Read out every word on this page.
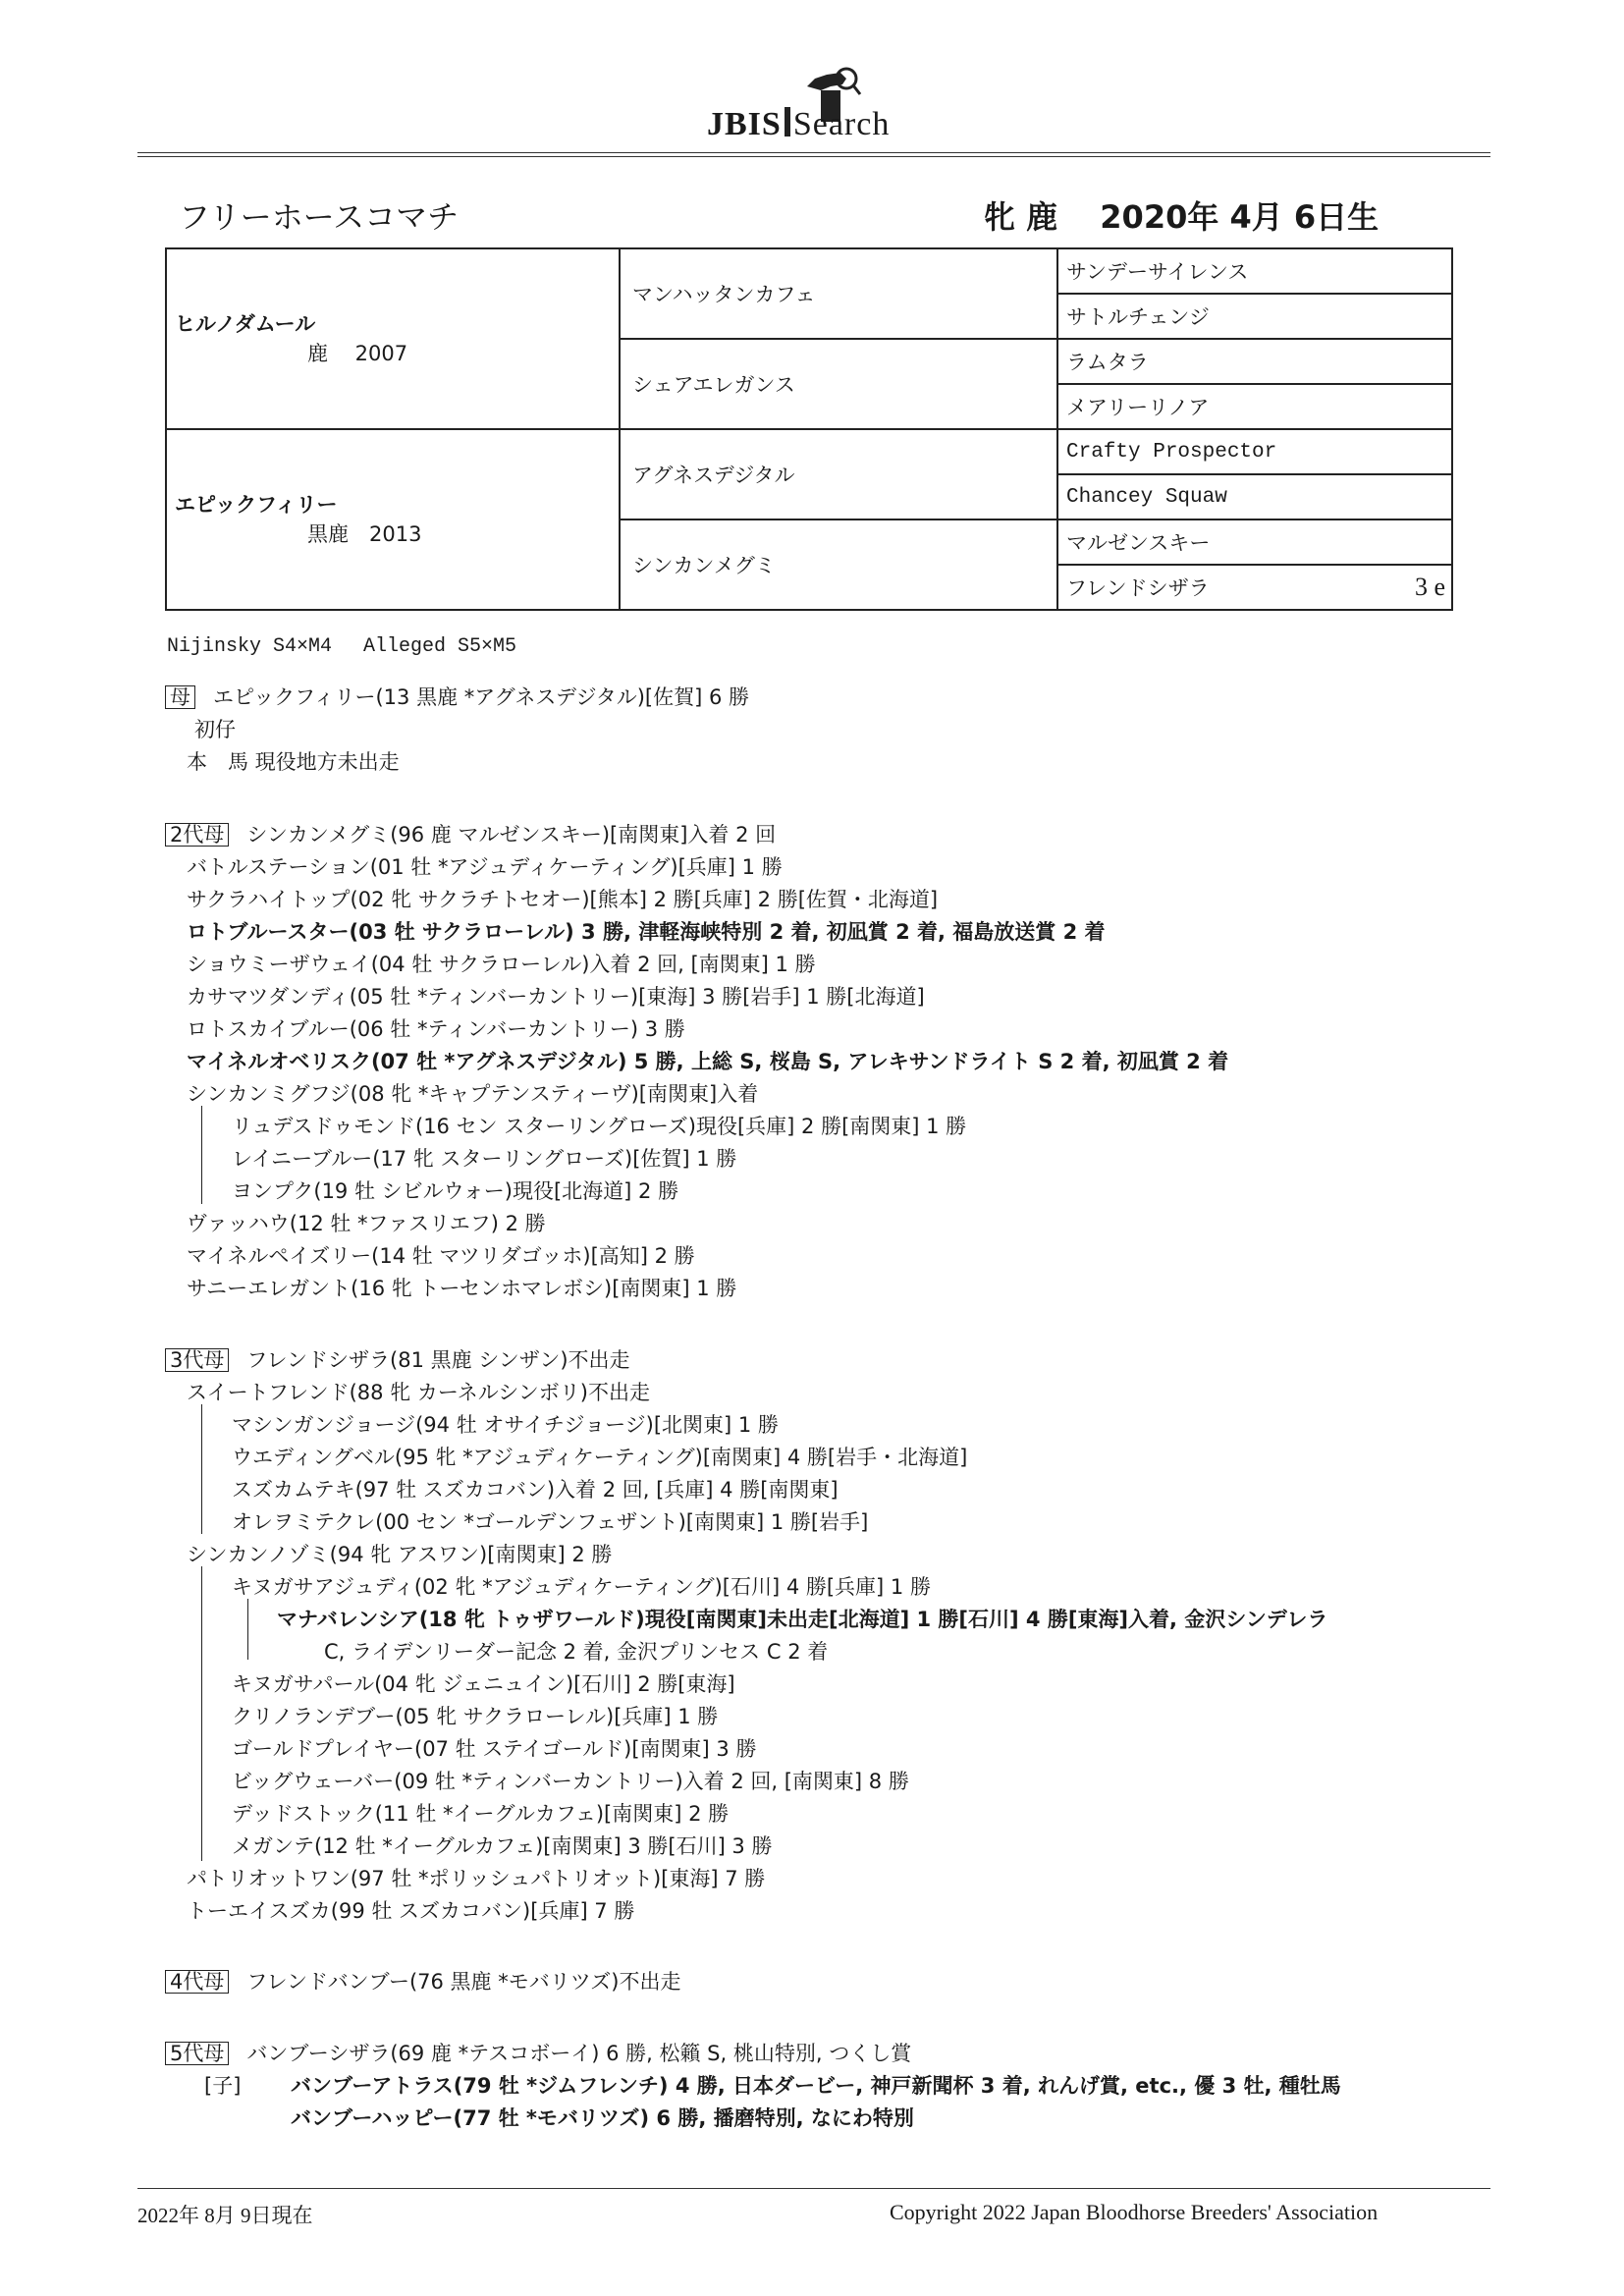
JBIS Search
フリーホースコマチ	牝 鹿　 2020年 4月 6日生
ヒルノダムール
鹿　 2007	マンハッタンカフェ	サンデーサイレンス
		サトルチェンジ
	シェアエレガンス	ラムタラ
		メアリーリノア
エピックフィリー
黒鹿　2013	アグネスデジタル	Crafty Prospector
		Chancey Squaw
	シンカンメグミ	マルゼンスキー
		フレンドシザラ 3 e
Nijinsky S4×M4　 Alleged S5×M5
母 エピックフィリー(13 黒鹿 *アグネスデジタル)[佐賀] 6 勝
初仔
本　馬 現役地方未出走
2代母 シンカンメグミ(96 鹿 マルゼンスキー)[南関東]入着 2 回
バトルステーション(01 牡 *アジュディケーティング)[兵庫] 1 勝
サクラハイトップ(02 牝 サクラチトセオー)[熊本] 2 勝[兵庫] 2 勝[佐賀・北海道]
ロトブルースター(03 牡 サクラローレル) 3 勝, 津軽海峡特別 2 着, 初凪賞 2 着, 福島放送賞 2 着
ショウミーザウェイ(04 牡 サクラローレル)入着 2 回, [南関東] 1 勝
カサマツダンディ(05 牡 *ティンバーカントリー)[東海] 3 勝[岩手] 1 勝[北海道]
ロトスカイブルー(06 牡 *ティンバーカントリー) 3 勝
マイネルオベリスク(07 牡 *アグネスデジタル) 5 勝, 上総 S, 桜島 S, アレキサンドライト S 2 着, 初凪賞 2 着
シンカンミグフジ(08 牝 *キャプテンスティーヴ)[南関東]入着
リュデスドゥモンド(16 セン スターリングローズ)現役[兵庫] 2 勝[南関東] 1 勝
レイニーブルー(17 牝 スターリングローズ)[佐賀] 1 勝
ヨンプク(19 牡 シビルウォー)現役[北海道] 2 勝
ヴァッハウ(12 牡 *ファスリエフ) 2 勝
マイネルペイズリー(14 牡 マツリダゴッホ)[高知] 2 勝
サニーエレガント(16 牝 トーセンホマレボシ)[南関東] 1 勝
3代母 フレンドシザラ(81 黒鹿 シンザン)不出走
スイートフレンド(88 牝 カーネルシンボリ)不出走
マシンガンジョージ(94 牡 オサイチジョージ)[北関東] 1 勝
ウエディングベル(95 牝 *アジュディケーティング)[南関東] 4 勝[岩手・北海道]
スズカムテキ(97 牡 スズカコバン)入着 2 回, [兵庫] 4 勝[南関東]
オレヲミテクレ(00 セン *ゴールデンフェザント)[南関東] 1 勝[岩手]
シンカンノゾミ(94 牝 アスワン)[南関東] 2 勝
キヌガサアジュディ(02 牝 *アジュディケーティング)[石川] 4 勝[兵庫] 1 勝
マナバレンシア(18 牝 トゥザワールド)現役[南関東]未出走[北海道] 1 勝[石川] 4 勝[東海]入着, 金沢シンデレラ
C, ライデンリーダー記念 2 着, 金沢プリンセス C 2 着
キヌガサパール(04 牝 ジェニュイン)[石川] 2 勝[東海]
クリノランデブー(05 牝 サクラローレル)[兵庫] 1 勝
ゴールドプレイヤー(07 牡 ステイゴールド)[南関東] 3 勝
ビッグウェーバー(09 牡 *ティンバーカントリー)入着 2 回, [南関東] 8 勝
デッドストック(11 牡 *イーグルカフェ)[南関東] 2 勝
メガンテ(12 牡 *イーグルカフェ)[南関東] 3 勝[石川] 3 勝
パトリオットワン(97 牡 *ポリッシュパトリオット)[東海] 7 勝
トーエイスズカ(99 牡 スズカコバン)[兵庫] 7 勝
4代母 フレンドバンブー(76 黒鹿 *モバリツズ)不出走
5代母 バンブーシザラ(69 鹿 *テスコボーイ) 6 勝, 松籟 S, 桃山特別, つくし賞
[子] バンブーアトラス(79 牡 *ジムフレンチ) 4 勝, 日本ダービー, 神戸新聞杯 3 着, れんげ賞, etc., 優 3 牡, 種牡馬
バンブーハッピー(77 牡 *モバリツズ) 6 勝, 播磨特別, なにわ特別
2022年 8月 9日現在	Copyright 2022 Japan Bloodhorse Breeders' Association
